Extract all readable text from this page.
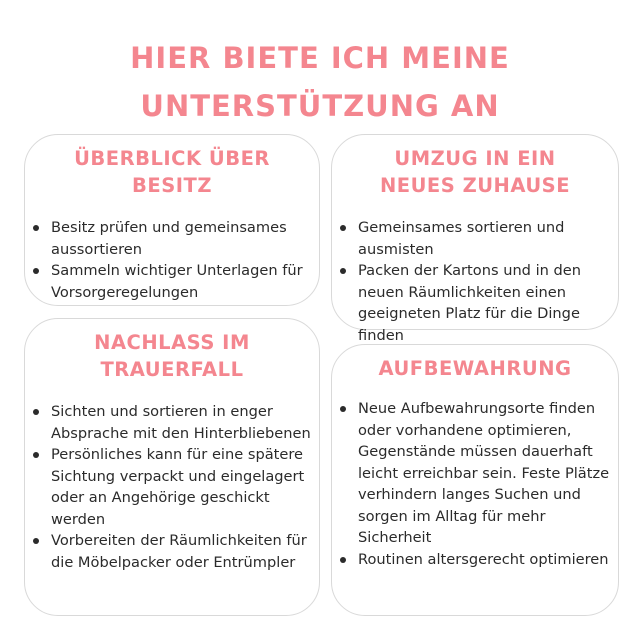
HIER BIETE ICH MEINE
UNTERSTÜTZUNG AN
ÜBERBLICK ÜBER
BESITZ
Besitz prüfen und gemeinsames aussortieren
Sammeln wichtiger Unterlagen für Vorsorgeregelungen
UMZUG IN EIN
NEUES ZUHAUSE
Gemeinsames sortieren und ausmisten
Packen der Kartons und in den neuen Räumlichkeiten einen geeigneten Platz für die Dinge finden
NACHLASS IM
TRAUERFALL
Sichten und sortieren in enger Absprache mit den Hinterbliebenen
Persönliches kann für eine spätere Sichtung verpackt und eingelagert oder an Angehörige geschickt werden
Vorbereiten der Räumlichkeiten für die Möbelpacker oder Entrümpler
AUFBEWAHRUNG
Neue Aufbewahrungsorte finden oder vorhandene optimieren, Gegenstände müssen dauerhaft leicht erreichbar sein. Feste Plätze verhindern langes Suchen und sorgen im Alltag für mehr Sicherheit
Routinen altersgerecht optimieren
